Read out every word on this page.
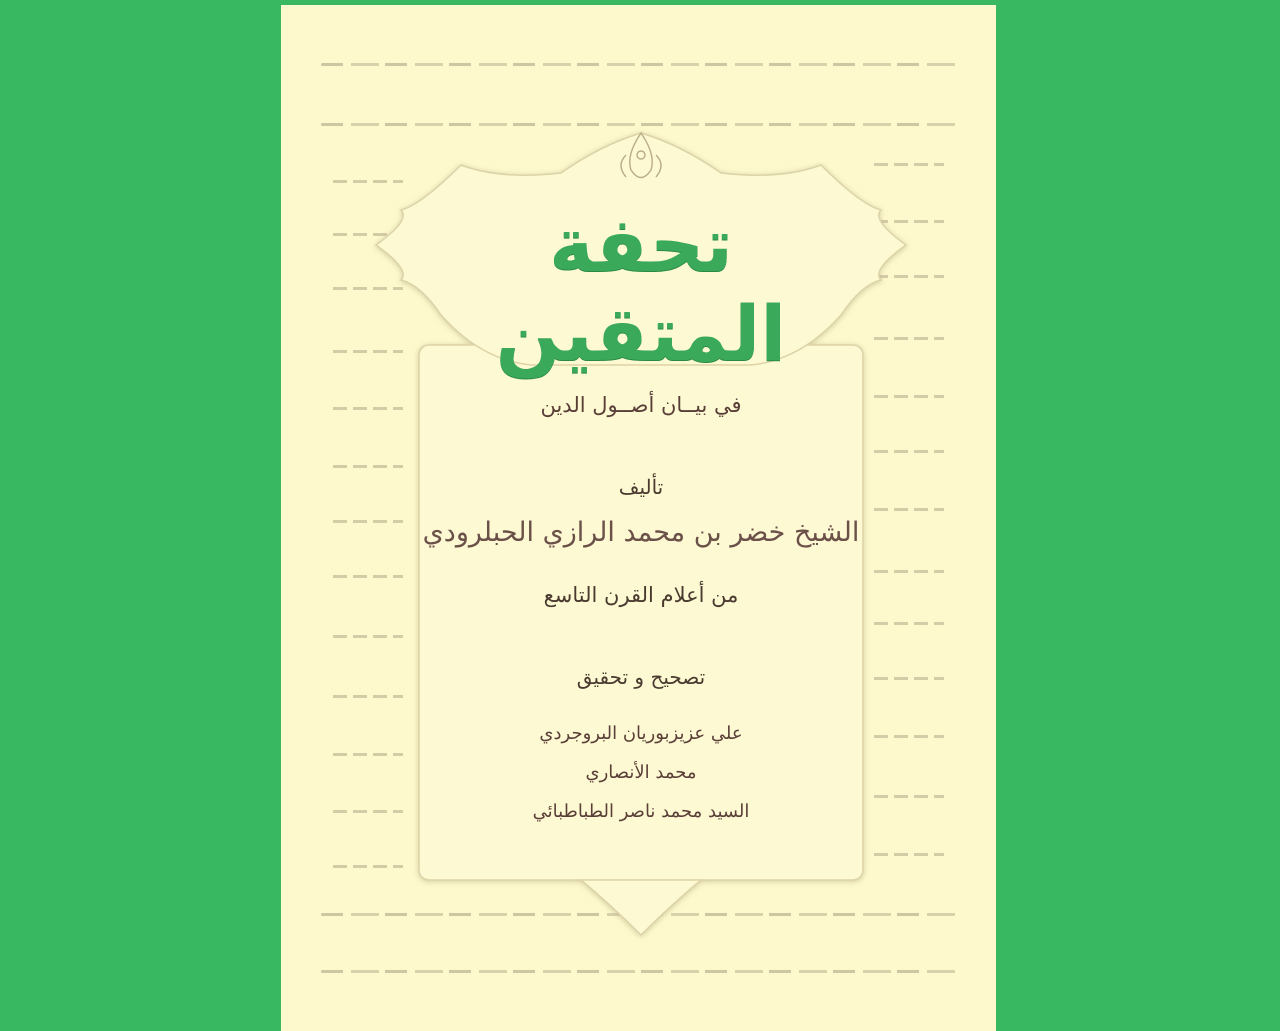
تحفة المتقين
في بيــان أصــول الدين
تأليف
الشيخ خضر بن محمد الرازي الحبلرودي
من أعلام القرن التاسع
تصحيح و تحقيق
علي عزيزبوريان البروجردي
محمد الأنصاري
السيد محمد ناصر الطباطبائي
